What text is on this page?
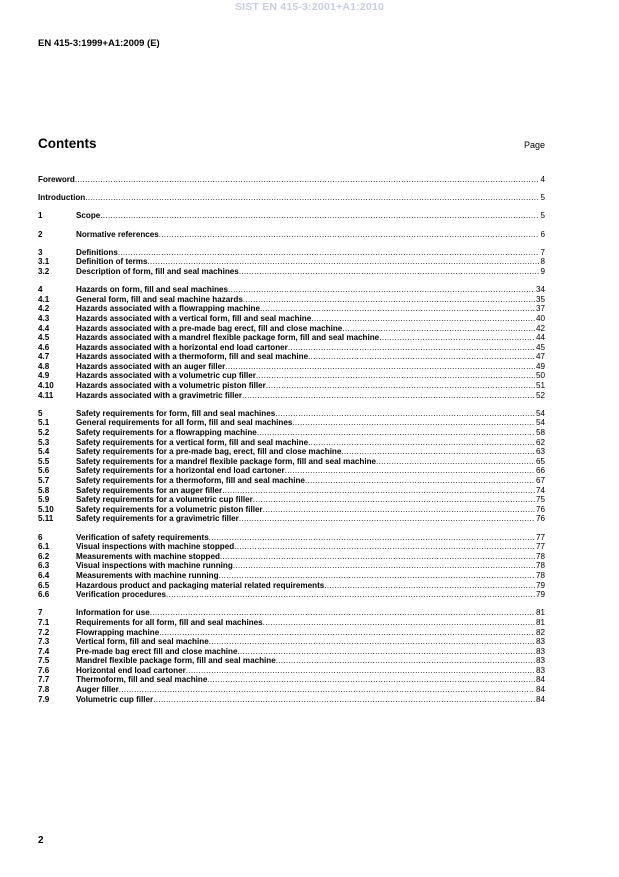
SIST EN 415-3:2001+A1:2010
EN 415-3:1999+A1:2009 (E)
Contents	Page
Foreword .....	4
Introduction .....	5
1	Scope .....	5
2	Normative references .....	6
3	Definitions .....	7
3.1	Definition of terms .....	8
3.2	Description of form, fill and seal machines .....	9
4	Hazards on form, fill and seal machines .....	34
4.1	General form, fill and seal machine hazards .....	35
4.2	Hazards associated with a flowrapping machine .....	37
4.3	Hazards associated with a vertical form, fill and seal machine .....	40
4.4	Hazards associated with a pre-made bag erect, fill and close machine .....	42
4.5	Hazards associated with a mandrel flexible package form, fill and seal machine .....	44
4.6	Hazards associated with a horizontal end load cartoner .....	45
4.7	Hazards associated with a thermoform, fill and seal machine .....	47
4.8	Hazards associated with an auger filler .....	49
4.9	Hazards associated with a volumetric cup filler .....	50
4.10	Hazards associated with a volumetric piston filler .....	51
4.11	Hazards associated with a gravimetric filler .....	52
5	Safety requirements for form, fill and seal machines .....	54
5.1	General requirements for all form, fill and seal machines .....	54
5.2	Safety requirements for a flowrapping machine .....	58
5.3	Safety requirements for a vertical form, fill and seal machine .....	62
5.4	Safety requirements for a pre-made bag, erect, fill and close machine .....	63
5.5	Safety requirements for a mandrel flexible package form, fill and seal machine .....	65
5.6	Safety requirements for a horizontal end load cartoner .....	66
5.7	Safety requirements for a thermoform, fill and seal machine .....	67
5.8	Safety requirements for an auger filler .....	74
5.9	Safety requirements for a volumetric cup filler .....	75
5.10	Safety requirements for a volumetric piston filler .....	76
5.11	Safety requirements for a gravimetric filler .....	76
6	Verification of safety requirements .....	77
6.1	Visual inspections with machine stopped .....	77
6.2	Measurements with machine stopped .....	78
6.3	Visual inspections with machine running .....	78
6.4	Measurements with machine running .....	78
6.5	Hazardous product and packaging material related requirements .....	79
6.6	Verification procedures .....	79
7	Information for use .....	81
7.1	Requirements for all form, fill and seal machines .....	81
7.2	Flowrapping machine .....	82
7.3	Vertical form, fill and seal machine .....	83
7.4	Pre-made bag erect fill and close machine .....	83
7.5	Mandrel flexible package form, fill and seal machine .....	83
7.6	Horizontal end load cartoner .....	83
7.7	Thermoform, fill and seal machine .....	84
7.8	Auger filler .....	84
7.9	Volumetric cup filler .....	84
2
